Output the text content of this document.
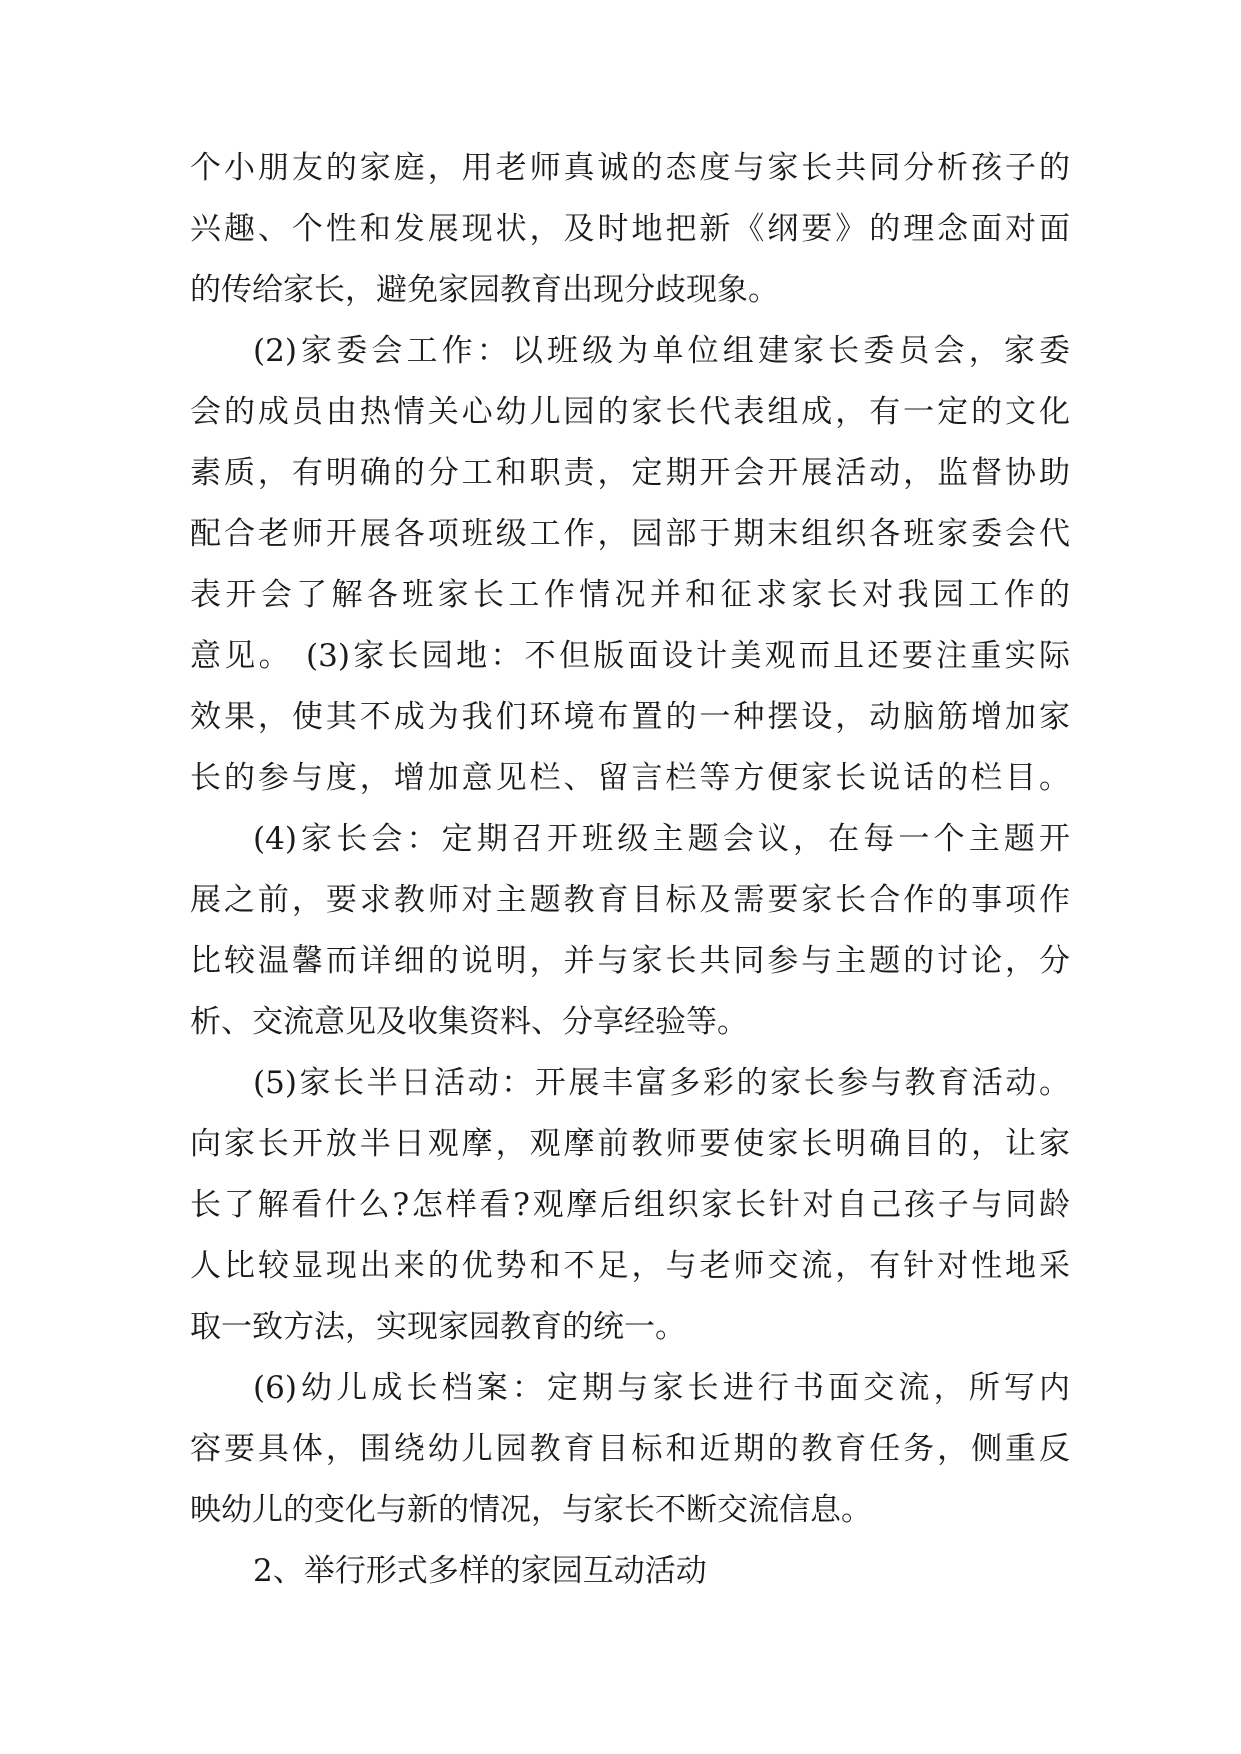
个小朋友的家庭，用老师真诚的态度与家长共同分析孩子的
兴趣、个性和发展现状，及时地把新《纲要》的理念面对面
的传给家长，避免家园教育出现分歧现象。
(2)家委会工作：以班级为单位组建家长委员会，家委
会的成员由热情关心幼儿园的家长代表组成，有一定的文化
素质，有明确的分工和职责，定期开会开展活动，监督协助
配合老师开展各项班级工作，园部于期末组织各班家委会代
表开会了解各班家长工作情况并和征求家长对我园工作的
意见。 (3)家长园地：不但版面设计美观而且还要注重实际
效果，使其不成为我们环境布置的一种摆设，动脑筋增加家
长的参与度，增加意见栏、留言栏等方便家长说话的栏目。
(4)家长会：定期召开班级主题会议，在每一个主题开
展之前，要求教师对主题教育目标及需要家长合作的事项作
比较温馨而详细的说明，并与家长共同参与主题的讨论，分
析、交流意见及收集资料、分享经验等。
(5)家长半日活动：开展丰富多彩的家长参与教育活动。
向家长开放半日观摩，观摩前教师要使家长明确目的，让家
长了解看什么?怎样看?观摩后组织家长针对自己孩子与同龄
人比较显现出来的优势和不足，与老师交流，有针对性地采
取一致方法，实现家园教育的统一。
(6)幼儿成长档案：定期与家长进行书面交流，所写内
容要具体，围绕幼儿园教育目标和近期的教育任务，侧重反
映幼儿的变化与新的情况，与家长不断交流信息。
2、举行形式多样的家园互动活动
